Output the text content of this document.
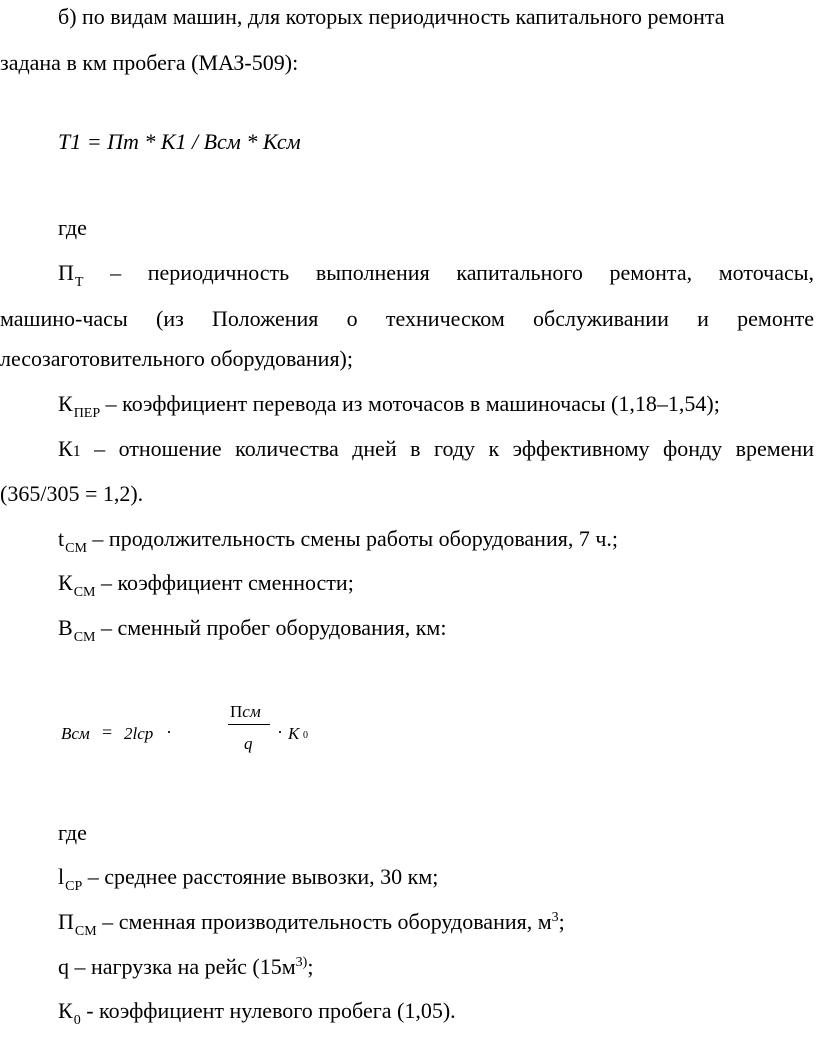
б) по видам машин, для которых периодичность капитального ремонта
задана в км пробега (МАЗ-509):
Т1 = Пт * К1 / Всм * Ксм
где
$П_Т$ – периодичность выполнения капитального ремонта, моточасы,
машино-часы (из Положения о техническом обслуживании и ремонте
лесозаготовительного оборудования);
$К_{ПЕР}$ – коэффициент перевода из моточасов в машиночасы (1,18–1,54);
К1 – отношение количества дней в году к эффективному фонду времени
(365/305 = 1,2).
$t_{СМ}$ – продолжительность смены работы оборудования, 7 ч.;
$К_{СМ}$ – коэффициент сменности;
$В_{СМ}$ – сменный пробег оборудования, км:
Всм = 2lср ·
Псм
q
· К 0
где
$l_{СР}$ – среднее расстояние вывозки, 30 км;
$П_{СМ}$ – сменная производительность оборудования, $м^3$;
q – нагрузка на рейс ($15м^{3)}$;
$К_0$ - коэффициент нулевого пробега (1,05).
